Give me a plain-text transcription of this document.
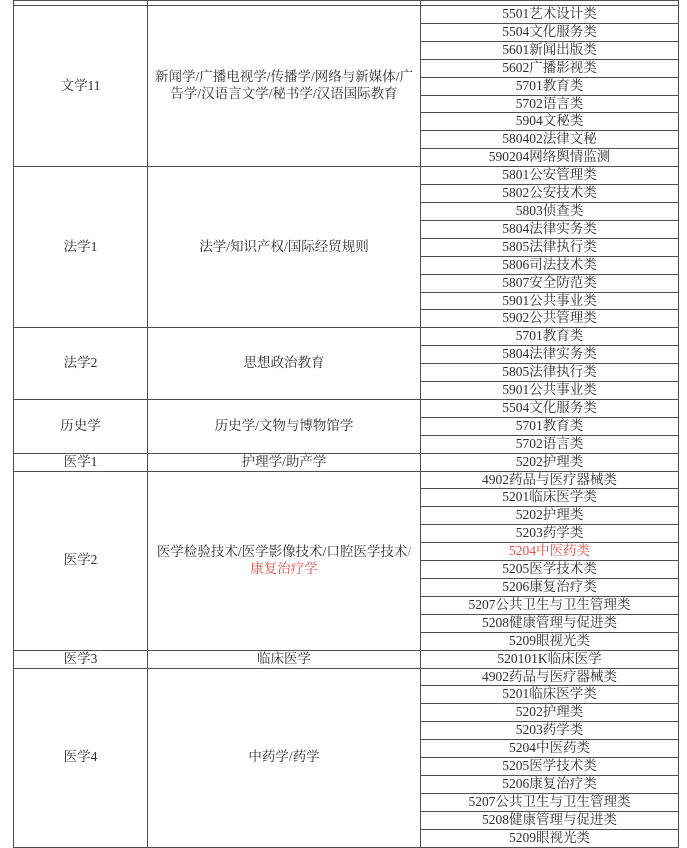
文学11	新闻学/广播电视学/传播学/网络与新媒体/广告学/汉语言文学/秘书学/汉语国际教育	5501艺术设计类
		5504文化服务类
		5601新闻出版类
		5602广播影视类
		5701教育类
		5702语言类
		5904文秘类
		580402法律文秘
		590204网络舆情监测
法学1	法学/知识产权/国际经贸规则	5801公安管理类
		5802公安技术类
		5803侦查类
		5804法律实务类
		5805法律执行类
		5806司法技术类
		5807安全防范类
		5901公共事业类
		5902公共管理类
法学2	思想政治教育	5701教育类
		5804法律实务类
		5805法律执行类
		5901公共事业类
历史学	历史学/文物与博物馆学	5504文化服务类
		5701教育类
		5702语言类
医学1	护理学/助产学	5202护理类
医学2	医学检验技术/医学影像技术/口腔医学技术/康复治疗学	4902药品与医疗器械类
		5201临床医学类
		5202护理类
		5203药学类
		5204中医药类
		5205医学技术类
		5206康复治疗类
		5207公共卫生与卫生管理类
		5208健康管理与促进类
		5209眼视光类
医学3	临床医学	520101K临床医学
医学4	中药学/药学	4902药品与医疗器械类
		5201临床医学类
		5202护理类
		5203药学类
		5204中医药类
		5205医学技术类
		5206康复治疗类
		5207公共卫生与卫生管理类
		5208健康管理与促进类
		5209眼视光类
